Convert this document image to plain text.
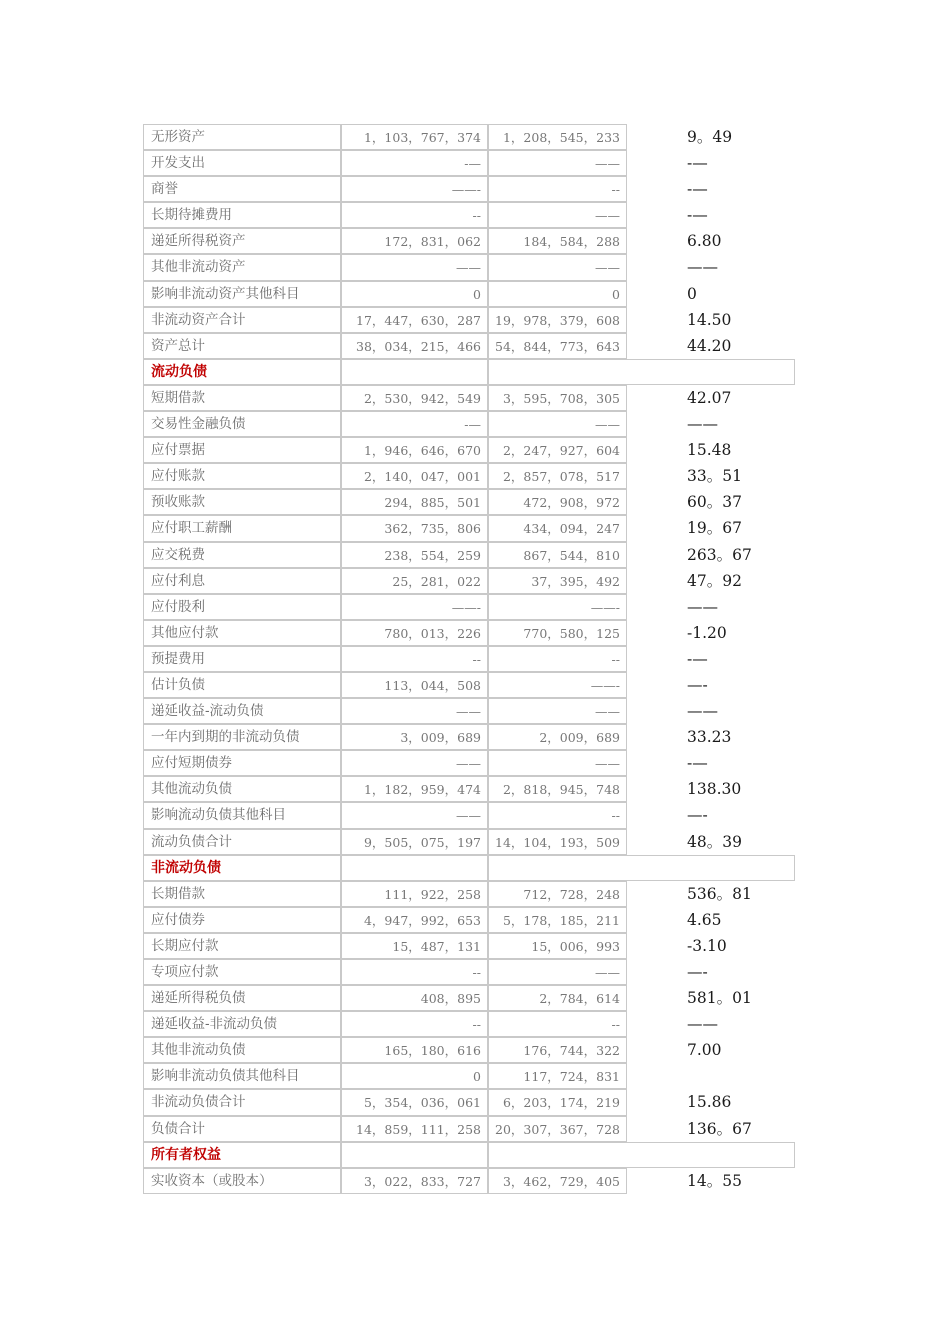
无形资产	1，103，767，374	1，208，545，233	9。49
开发支出	-—	——	-—
商誉	——-	--	-—
长期待摊费用	--	——	-—
递延所得税资产	172，831，062	184，584，288	6.80
其他非流动资产	——	——	——
影响非流动资产其他科目	0	0	0
非流动资产合计	17，447，630，287	19，978，379，608	14.50
资产总计	38，034，215，466	54，844，773，643	44.20
流动负债
短期借款	2，530，942，549	3，595，708，305	42.07
交易性金融负债	-—	——	——
应付票据	1，946，646，670	2，247，927，604	15.48
应付账款	2，140，047，001	2，857，078，517	33。51
预收账款	294，885，501	472，908，972	60。37
应付职工薪酬	362，735，806	434，094，247	19。67
应交税费	238，554，259	867，544，810	263。67
应付利息	25，281，022	37，395，492	47。92
应付股利	——-	——-	——
其他应付款	780，013，226	770，580，125	-1.20
预提费用	--	--	-—
估计负债	113，044，508	——-	—-
递延收益-流动负债	——	——	——
一年内到期的非流动负债	3，009，689	2，009，689	33.23
应付短期债券	——	——	-—
其他流动负债	1，182，959，474	2，818，945，748	138.30
影响流动负债其他科目	——	--	—-
流动负债合计	9，505，075，197	14，104，193，509	48。39
非流动负债
长期借款	111，922，258	712，728，248	536。81
应付债券	4，947，992，653	5，178，185，211	4.65
长期应付款	15，487，131	15，006，993	-3.10
专项应付款	--	——	—-
递延所得税负债	408，895	2，784，614	581。01
递延收益-非流动负债	--	--	——
其他非流动负债	165，180，616	176，744，322	7.00
影响非流动负债其他科目	0	117，724，831
非流动负债合计	5，354，036，061	6，203，174，219	15.86
负债合计	14，859，111，258	20，307，367，728	136。67
所有者权益
实收资本（或股本）	3，022，833，727	3，462，729，405	14。55
